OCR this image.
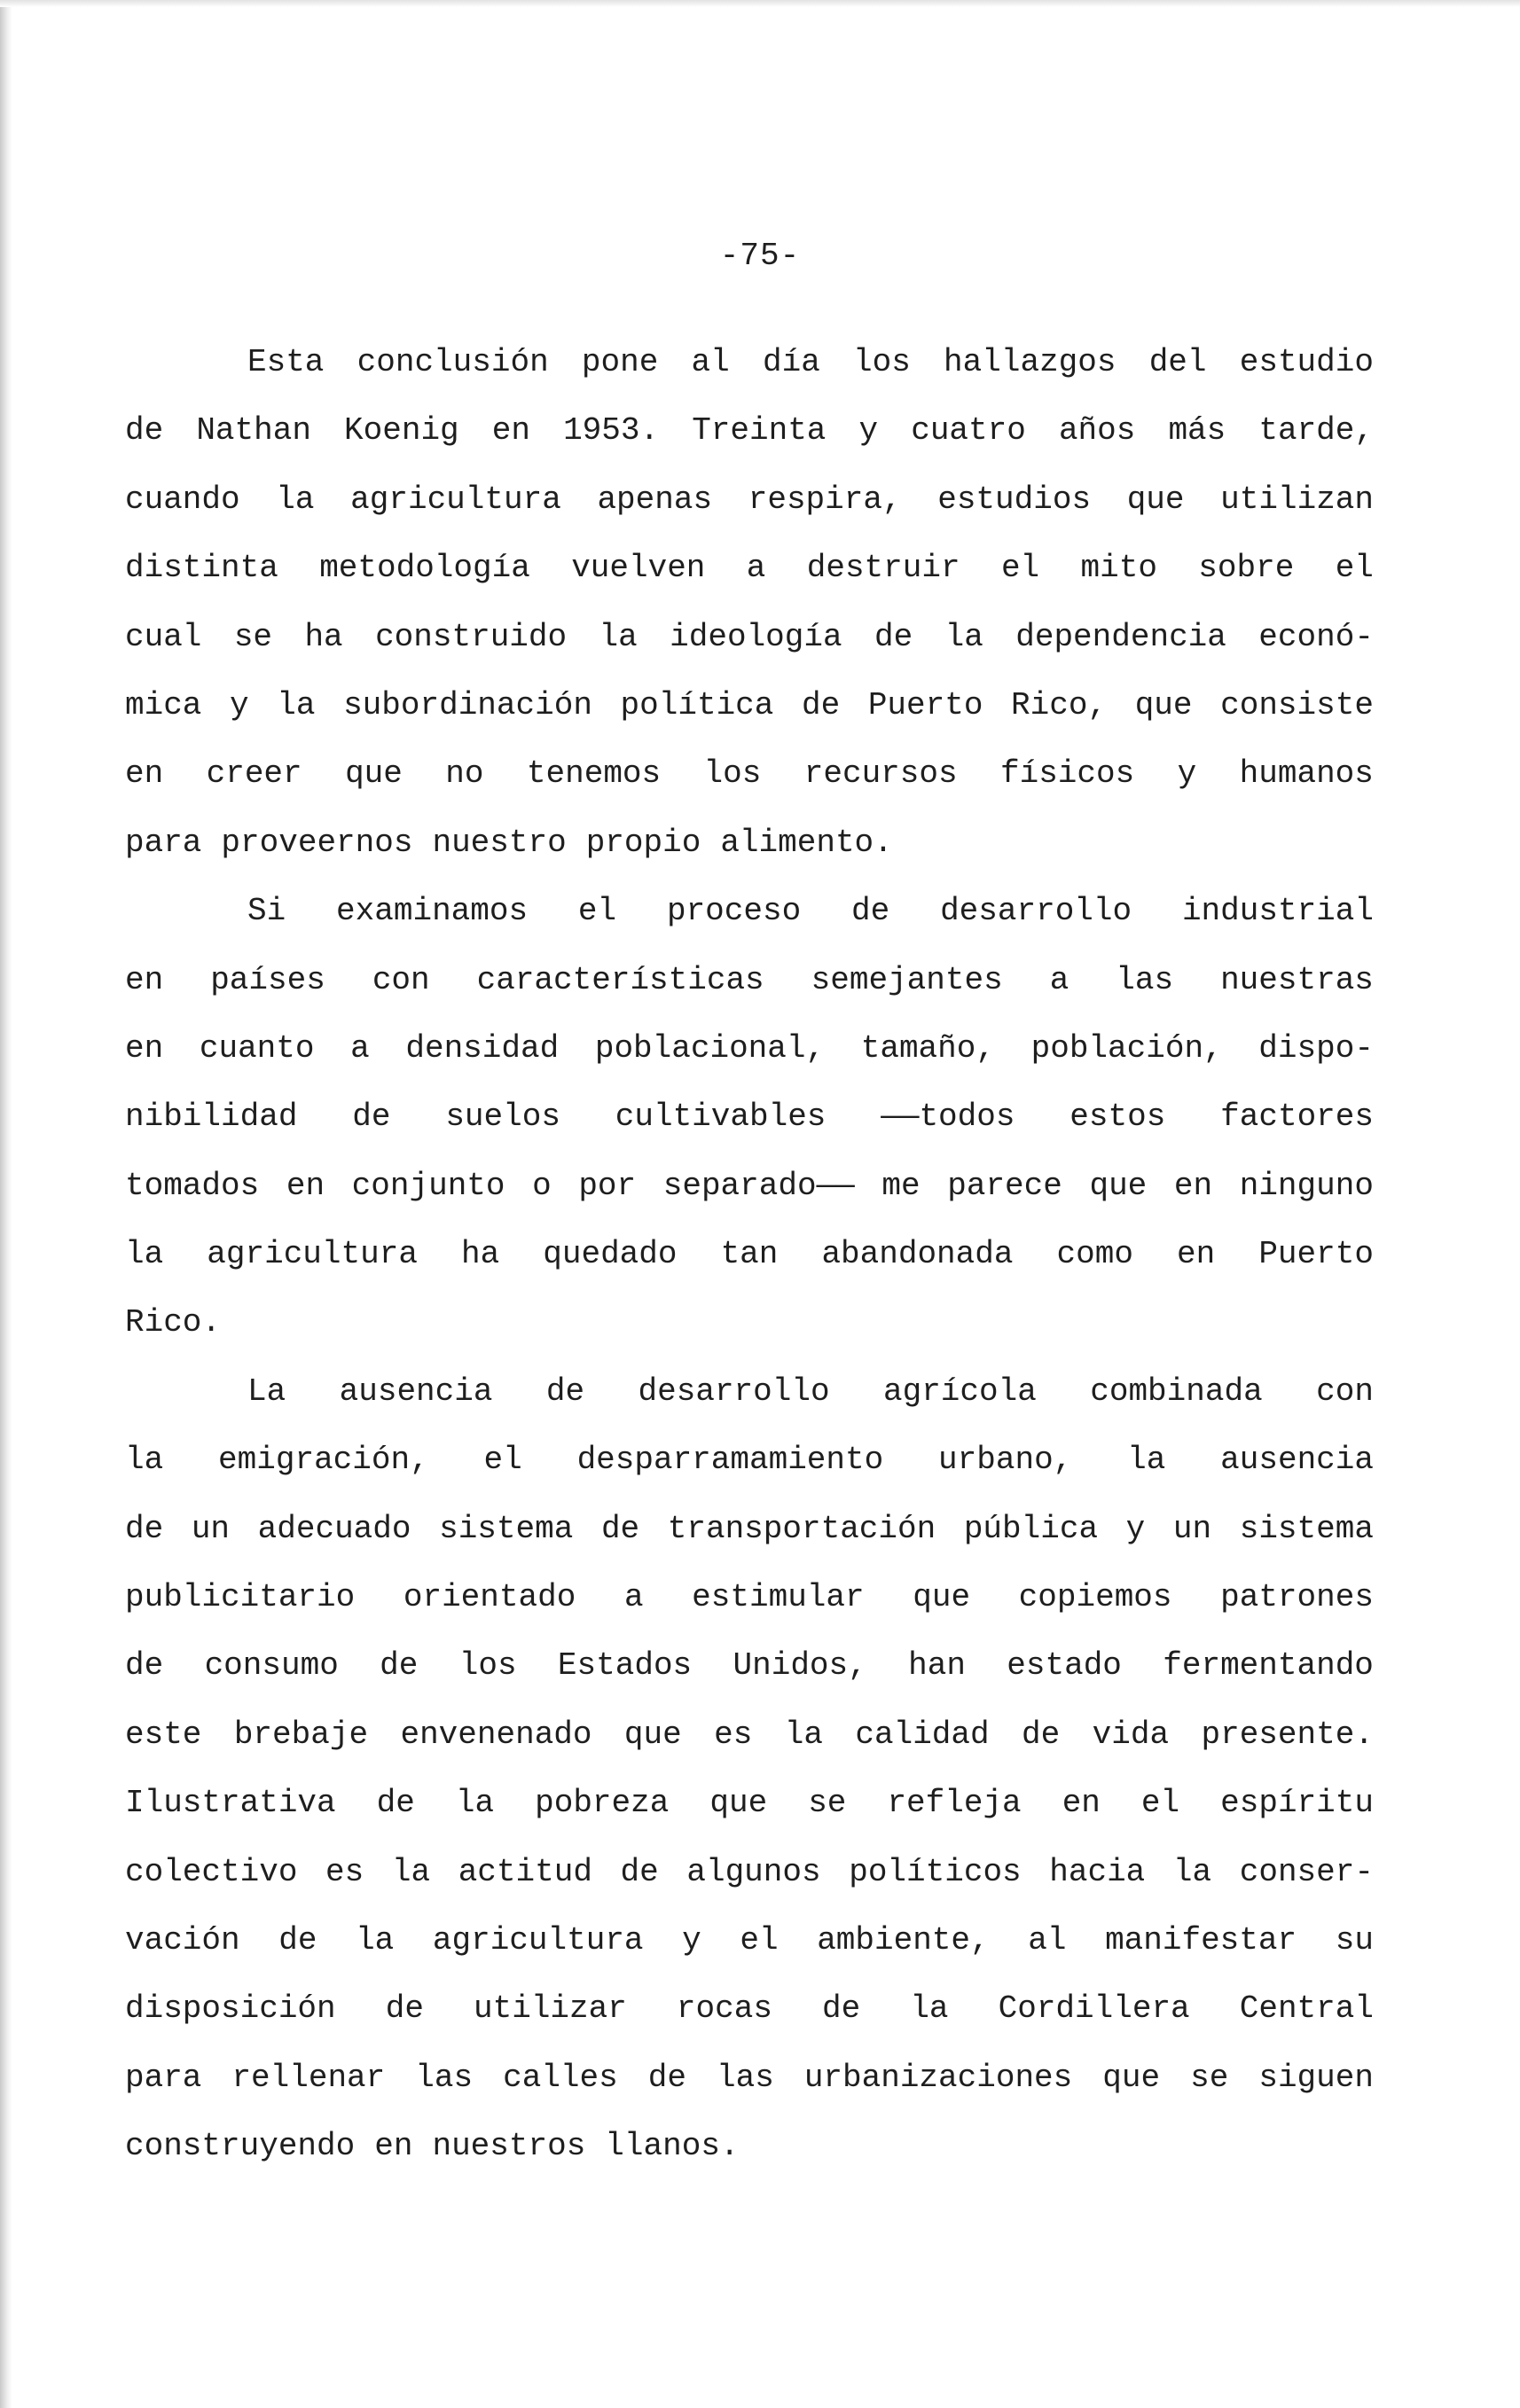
-75-
Esta conclusión pone al día los hallazgos del estudio
de Nathan Koenig en 1953. Treinta y cuatro años más tarde,
cuando la agricultura apenas respira, estudios que utilizan
distinta metodología vuelven a destruir el mito sobre el
cual se ha construido la ideología de la dependencia econó-
mica y la subordinación política de Puerto Rico, que consiste
en creer que no tenemos los recursos físicos y humanos
para proveernos nuestro propio alimento.
Si examinamos el proceso de desarrollo industrial
en países con características semejantes a las nuestras
en cuanto a densidad poblacional, tamaño, población, dispo-
nibilidad de suelos cultivables ——todos estos factores
tomados en conjunto o por separado—— me parece que en ninguno
la agricultura ha quedado tan abandonada como en Puerto
Rico.
La ausencia de desarrollo agrícola combinada con
la emigración, el desparramamiento urbano, la ausencia
de un adecuado sistema de transportación pública y un sistema
publicitario orientado a estimular que copiemos patrones
de consumo de los Estados Unidos, han estado fermentando
este brebaje envenenado que es la calidad de vida presente.
Ilustrativa de la pobreza que se refleja en el espíritu
colectivo es la actitud de algunos políticos hacia la conser-
vación de la agricultura y el ambiente, al manifestar su
disposición de utilizar rocas de la Cordillera Central
para rellenar las calles de las urbanizaciones que se siguen
construyendo en nuestros llanos.
